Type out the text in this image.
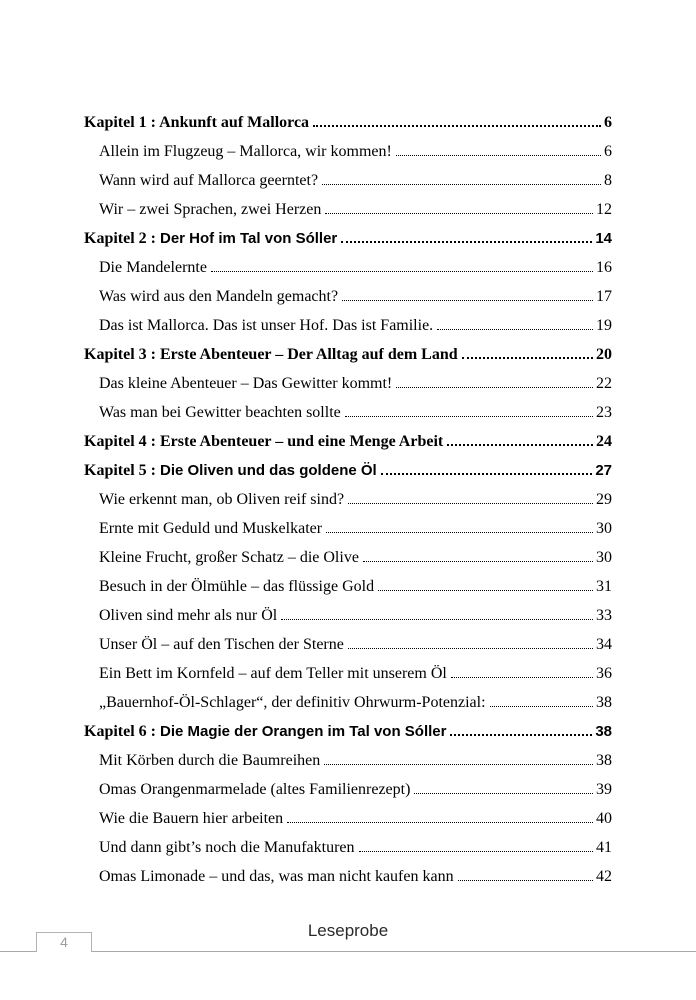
Kapitel 1 : Ankunft auf Mallorca	6
Allein im Flugzeug – Mallorca, wir kommen!	6
Wann wird auf Mallorca geerntet?	8
Wir – zwei Sprachen, zwei Herzen	12
Kapitel 2 : Der Hof im Tal von Sóller	14
Die Mandelernte	16
Was wird aus den Mandeln gemacht?	17
Das ist Mallorca. Das ist unser Hof. Das ist Familie.	19
Kapitel 3 : Erste Abenteuer – Der Alltag auf dem Land	20
Das kleine Abenteuer – Das Gewitter kommt!	22
Was man bei Gewitter beachten sollte	23
Kapitel 4 : Erste Abenteuer – und eine Menge Arbeit	24
Kapitel 5 : Die Oliven und das goldene Öl	27
Wie erkennt man, ob Oliven reif sind?	29
Ernte mit Geduld und Muskelkater	30
Kleine Frucht, großer Schatz – die Olive	30
Besuch in der Ölmühle – das flüssige Gold	31
Oliven sind mehr als nur Öl	33
Unser Öl – auf den Tischen der Sterne	34
Ein Bett im Kornfeld – auf dem Teller mit unserem Öl	36
„Bauernhof-Öl-Schlager“, der definitiv Ohrwurm-Potenzial:	38
Kapitel 6 : Die Magie der Orangen im Tal von Sóller	38
Mit Körben durch die Baumreihen	38
Omas Orangenmarmelade (altes Familienrezept)	39
Wie die Bauern hier arbeiten	40
Und dann gibt’s noch die Manufakturen	41
Omas Limonade – und das, was man nicht kaufen kann	42
Leseprobe
4
